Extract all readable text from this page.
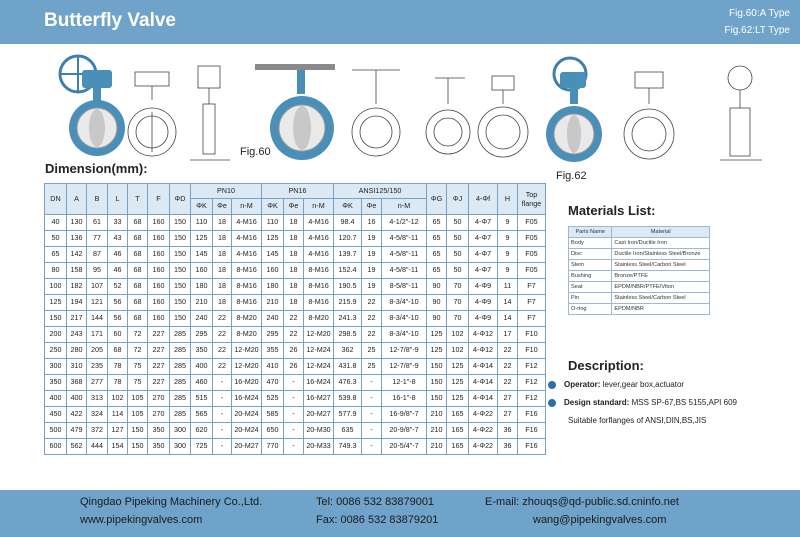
Butterfly Valve	Fig.60:A Type
Fig.62:LT Type
Fig.60
Fig.62
Dimension(mm):
DN	A	B	L	T	F	ΦD	PN10			PN16			ANSI125/150			ΦG	ΦJ	4-Φf	H	Top flange
							ΦK	Φe	n-M	ΦK	Φe	n-M	ΦK	Φe	n-M					
40	130	61	33	68	160	150	110	18	4-M16	110	18	4-M16	98.4	16	4-1/2"-12	65	50	4-Φ7	9	F05
50	136	77	43	68	160	150	125	18	4-M16	125	18	4-M16	120.7	19	4-5/8"-11	65	50	4-Φ7	9	F05
65	142	87	46	68	160	150	145	18	4-M16	145	18	4-M16	139.7	19	4-5/8"-11	65	50	4-Φ7	9	F05
80	158	95	46	68	160	150	160	18	8-M16	160	18	8-M16	152.4	19	4-5/8"-11	65	50	4-Φ7	9	F05
100	182	107	52	68	160	150	180	18	8-M16	180	18	8-M16	190.5	19	8-5/8"-11	90	70	4-Φ9	11	F7
125	194	121	56	68	160	150	210	18	8-M16	210	18	8-M16	215.9	22	8-3/4"-10	90	70	4-Φ9	14	F7
150	217	144	56	68	160	150	240	22	8-M20	240	22	8-M20	241.3	22	8-3/4"-10	90	70	4-Φ9	14	F7
200	243	171	60	72	227	285	295	22	8-M20	295	22	12-M20	298.5	22	8-3/4"-10	125	102	4-Φ12	17	F10
250	280	205	68	72	227	285	350	22	12-M20	355	26	12-M24	362	25	12-7/8"-9	125	102	4-Φ12	22	F10
300	310	235	78	75	227	285	400	22	12-M20	410	26	12-M24	431.8	25	12-7/8"-9	150	125	4-Φ14	22	F12
350	368	277	78	75	227	285	460	-	16-M20	470	-	16-M24	476.3	-	12-1"-8	150	125	4-Φ14	22	F12
400	400	313	102	105	270	285	515	-	16-M24	525	-	16-M27	539.8	-	16-1"-8	150	125	4-Φ14	27	F12
450	422	324	114	105	270	285	565	-	20-M24	585	-	20-M27	577.9	-	16-9/8"-7	210	165	4-Φ22	27	F16
500	479	372	127	150	350	300	620	-	20-M24	650	-	20-M30	635	-	20-9/8"-7	210	165	4-Φ22	36	F16
600	562	444	154	150	350	300	725	-	20-M27	770	-	20-M33	749.3	-	20-5/4"-7	210	165	4-Φ22	36	F16
Materials List:
Parts Name	Material
Body	Cast Iron/Ductile Iron
Disc	Ductile Iron/Stainless Steel/Bronze
Stem	Stainless Steel/Carbon Steel
Bushing	Bronze/PTFE
Seat	EPDM/NBR/PTFE/Viton
Pin	Stainless Steel/Carbon Steel
O-ring	EPDM/NBR
Description:
Operator: lever,gear box,actuator
Design standard: MSS SP-67,BS 5155,API 609
Suitable forflanges of ANSI,DIN,BS,JIS
Qingdao Pipeking Machinery Co.,Ltd.
www.pipekingvalves.com
Tel: 0086 532 83879001
Fax: 0086 532 83879201
E-mail: zhouqs@qd-public.sd.cninfo.net
wang@pipekingvalves.com
